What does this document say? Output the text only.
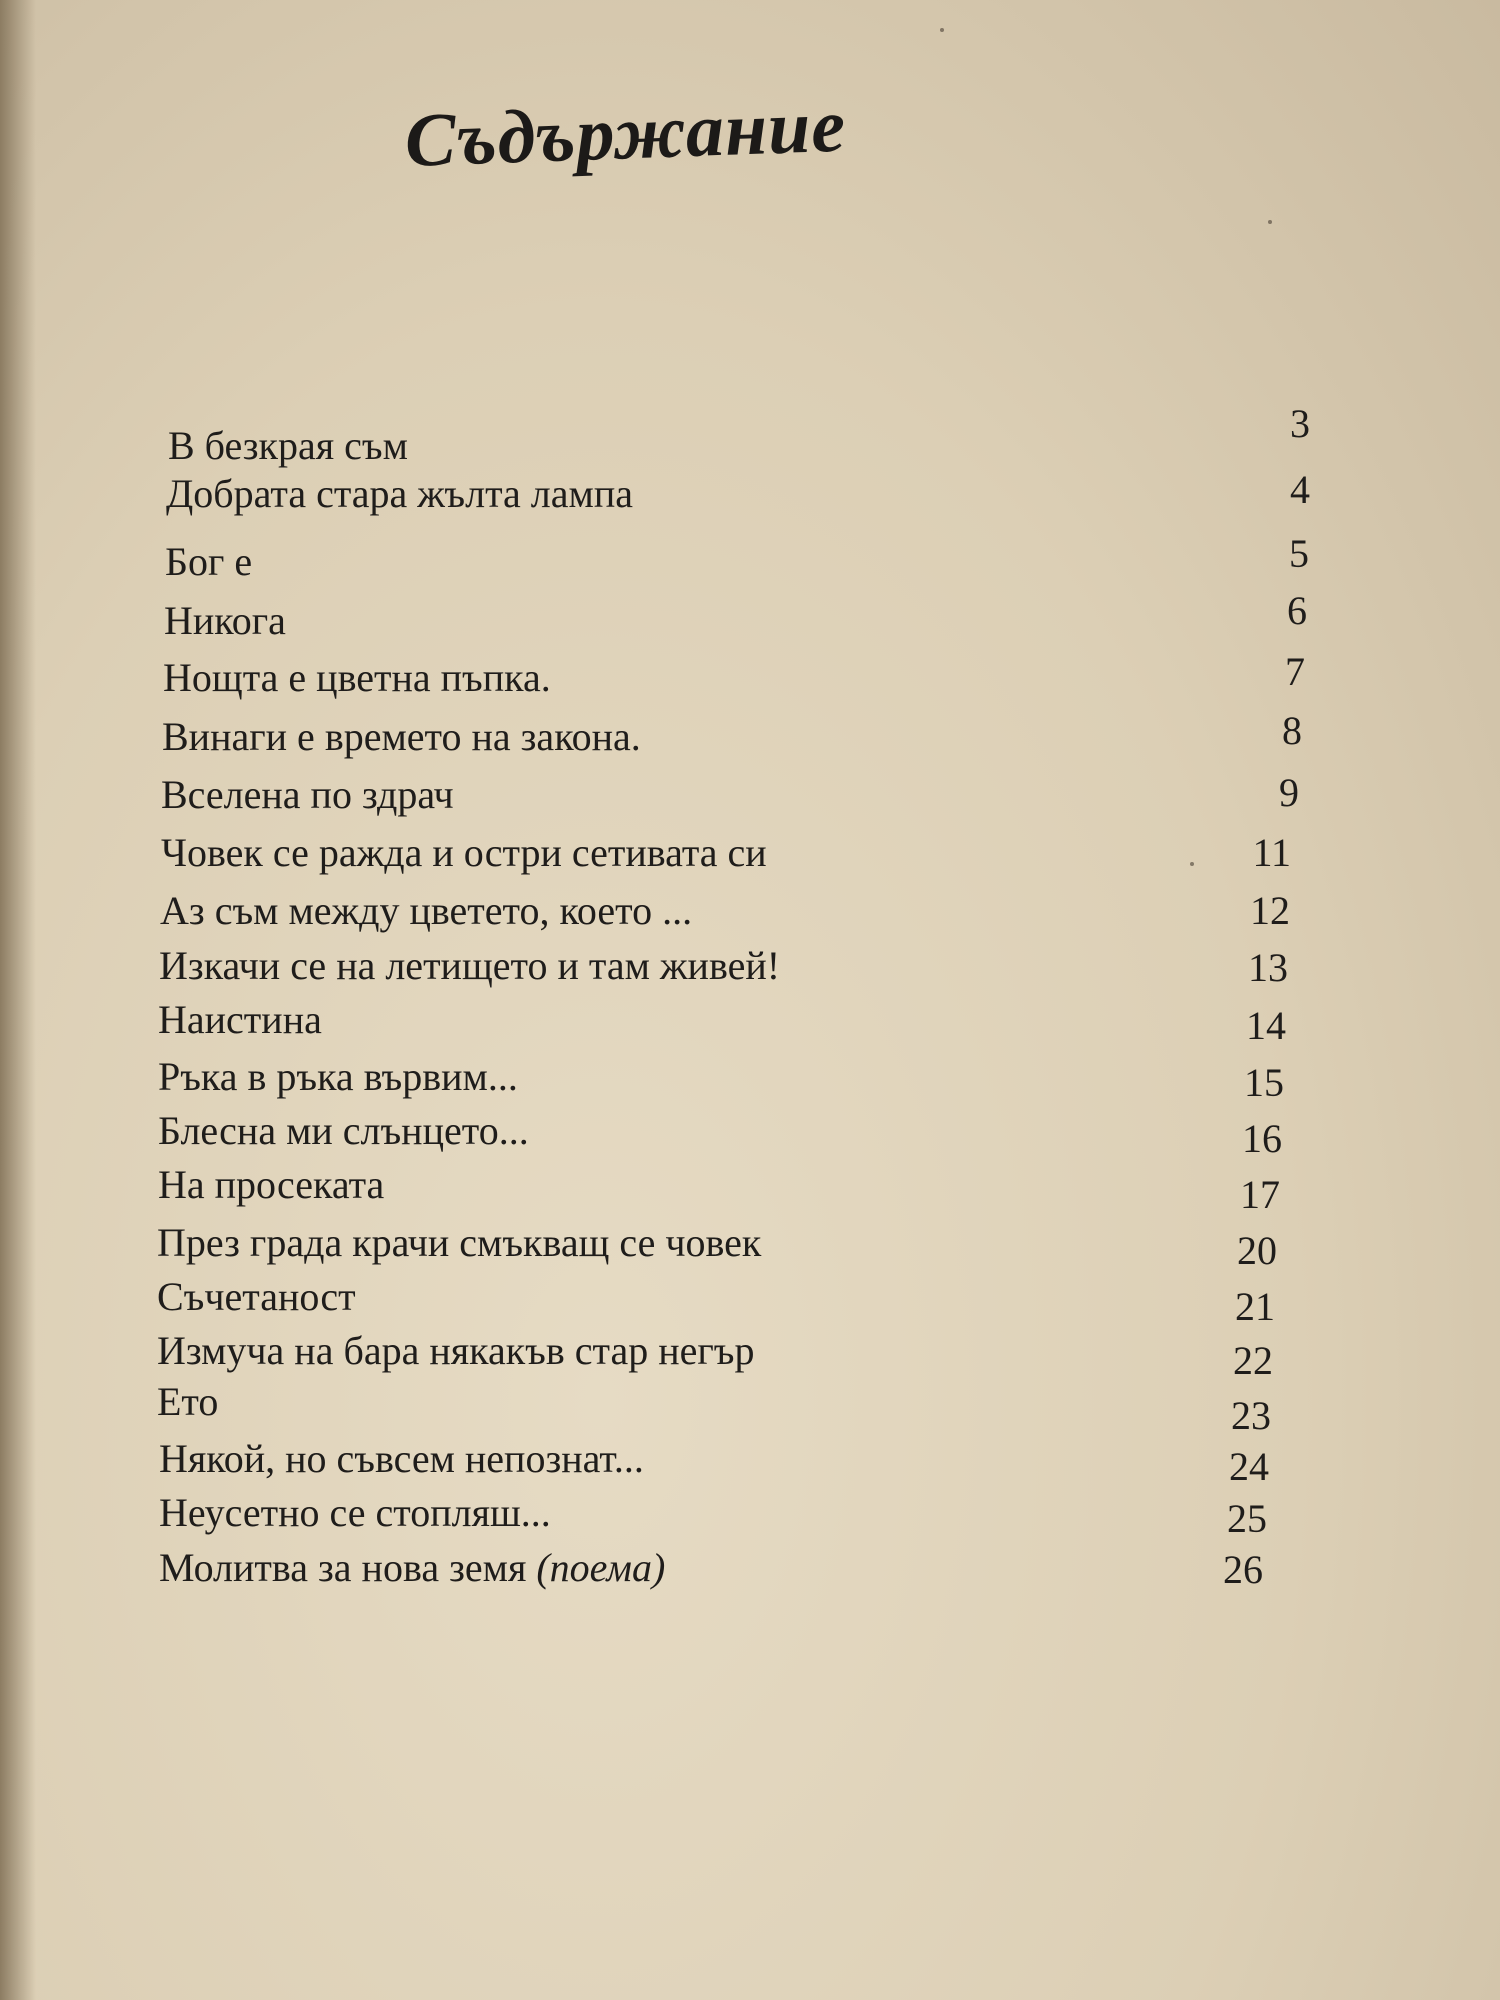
Съдържание
В безкрая съм	3
Добрата стара жълта лампа	4
Бог е	5
Никога	6
Нощта е цветна пъпка.	7
Винаги е времето на закона.	8
Вселена по здрач	9
Човек се ражда и остри сетивата си	11
Аз съм между цветето, което ...	12
Изкачи се на летището и там живей!	13
Наистина	14
Ръка в ръка вървим...	15
Блесна ми слънцето...	16
На просеката	17
През града крачи смъкващ се човек	20
Съчетаност	21
Измуча на бара някакъв стар негър	22
Ето	23
Някой, но съвсем непознат...	24
Неусетно се стопляш...	25
Молитва за нова земя (поема)	26
